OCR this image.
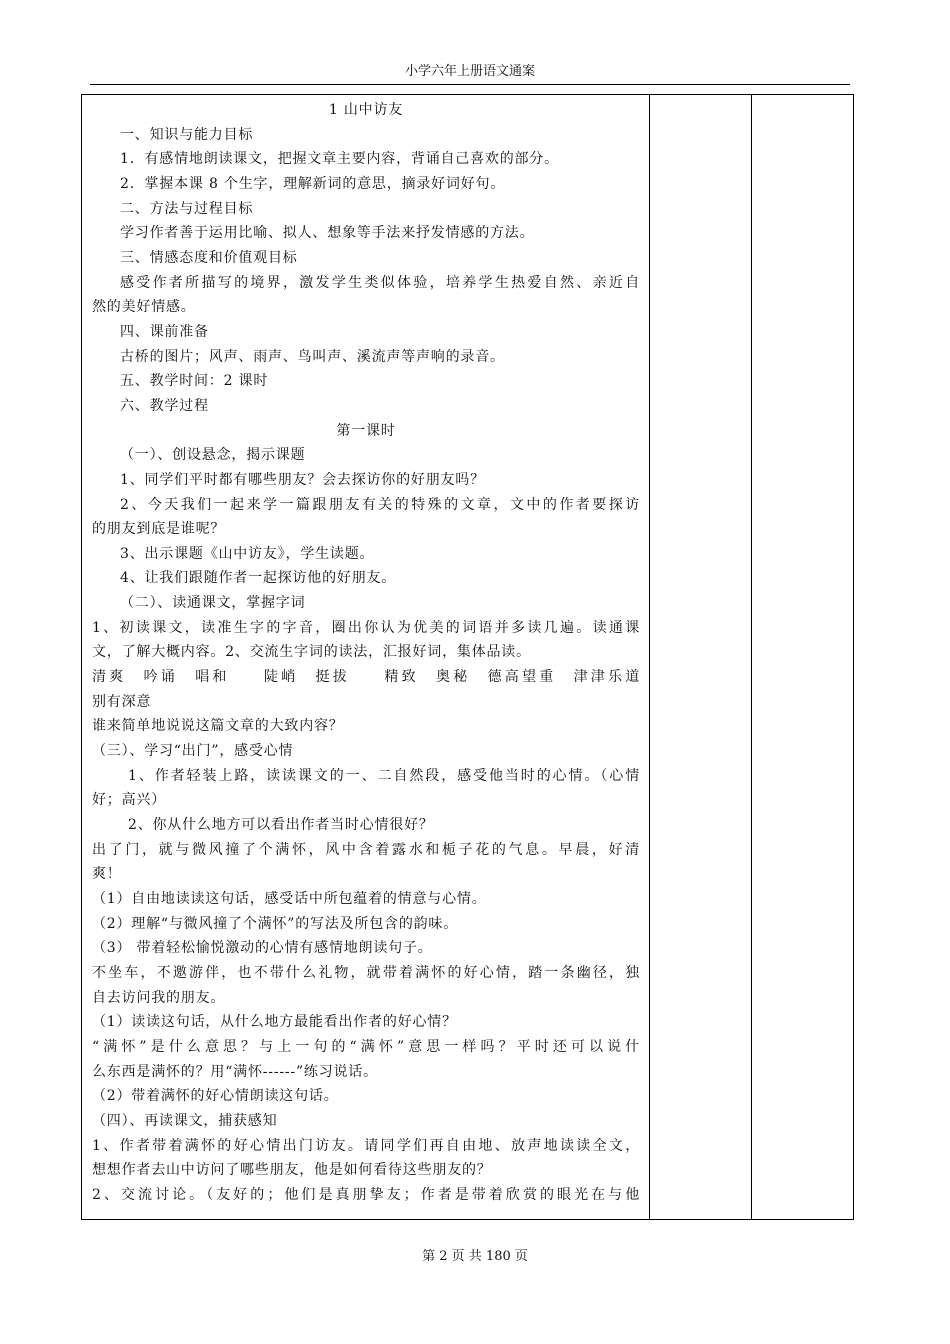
小学六年上册语文通案

1 山中访友

一、知识与能力目标

1．有感情地朗读课文，把握文章主要内容，背诵自己喜欢的部分。

2．掌握本课 8 个生字，理解新词的意思，摘录好词好句。

二、方法与过程目标

学习作者善于运用比喻、拟人、想象等手法来抒发情感的方法。

三、情感态度和价值观目标

感受作者所描写的境界，激发学生类似体验，培养学生热爱自然、亲近自

然的美好情感。

四、课前准备

古桥的图片；风声、雨声、鸟叫声、溪流声等声响的录音。

五、教学时间：2 课时

六、教学过程

第一课时

（一）、创设悬念，揭示课题

1、同学们平时都有哪些朋友？会去探访你的好朋友吗？

2、今天我们一起来学一篇跟朋友有关的特殊的文章，文中的作者要探访

的朋友到底是谁呢？

3、出示课题《山中访友》，学生读题。

4、让我们跟随作者一起探访他的好朋友。

（二）、读通课文，掌握字词

1、初读课文，读准生字的字音，圈出你认为优美的词语并多读几遍。读通课

文，了解大概内容。2、交流生字词的读法，汇报好词，集体品读。

清爽　吟诵　唱和　　陡峭　挺拔　　精致　奥秘　德高望重　津津乐道

别有深意

谁来简单地说说这篇文章的大致内容？

（三）、学习“出门”，感受心情

1、作者轻装上路，读读课文的一、二自然段，感受他当时的心情。（心情

好；高兴）

2、你从什么地方可以看出作者当时心情很好？

出了门，就与微风撞了个满怀，风中含着露水和栀子花的气息。早晨，好清

爽！

（1）自由地读读这句话，感受话中所包蕴着的情意与心情。

（2）理解“与微风撞了个满怀”的写法及所包含的韵味。

（3） 带着轻松愉悦激动的心情有感情地朗读句子。

不坐车，不邀游伴，也不带什么礼物，就带着满怀的好心情，踏一条幽径，独

自去访问我的朋友。

（1）读读这句话，从什么地方最能看出作者的好心情？

“满怀”是什么意思？与上一句的“满怀”意思一样吗？平时还可以说什

么东西是满怀的？用“满怀------”练习说话。

（2）带着满怀的好心情朗读这句话。

（四）、再读课文，捕获感知

1、作者带着满怀的好心情出门访友。请同学们再自由地、放声地读读全文，

想想作者去山中访问了哪些朋友，他是如何看待这些朋友的？

2、交流讨论。（友好的；他们是真朋挚友；作者是带着欣赏的眼光在与他

第 2 页 共 180 页
